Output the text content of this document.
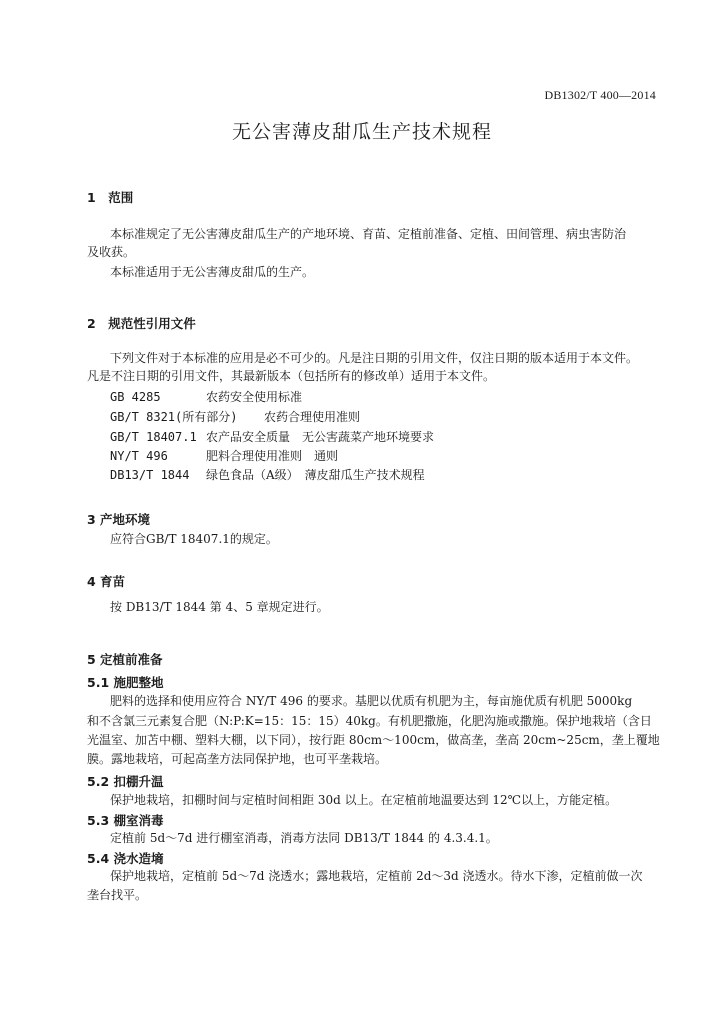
DB1302/T 400—2014
无公害薄皮甜瓜生产技术规程
1　范围
本标准规定了无公害薄皮甜瓜生产的产地环境、育苗、定植前准备、定植、田间管理、病虫害防治
及收获。
本标准适用于无公害薄皮甜瓜的生产。
2　规范性引用文件
下列文件对于本标准的应用是必不可少的。凡是注日期的引用文件，仅注日期的版本适用于本文件。
凡是不注日期的引用文件，其最新版本（包括所有的修改单）适用于本文件。
GB 4285	农药安全使用标准
GB/T 8321(所有部分) 农药合理使用准则
GB/T 18407.1 农产品安全质量　无公害蔬菜产地环境要求
NY/T 496	肥料合理使用准则　通则
DB13/T 1844 绿色食品（A级）　薄皮甜瓜生产技术规程
3 产地环境
应符合GB/T 18407.1的规定。
4 育苗
按 DB13/T 1844 第 4、5 章规定进行。
5 定植前准备
5.1 施肥整地
肥料的选择和使用应符合 NY/T 496 的要求。基肥以优质有机肥为主，每亩施优质有机肥 5000kg
和不含氯三元素复合肥（N:P:K=15：15：15）40kg。有机肥撒施，化肥沟施或撒施。保护地栽培（含日
光温室、加苫中棚、塑料大棚，以下同），按行距 80cm～100cm，做高垄，垄高 20cm~25cm，垄上覆地
膜。露地栽培，可起高垄方法同保护地，也可平垄栽培。
5.2 扣棚升温
保护地栽培，扣棚时间与定植时间相距 30d 以上。在定植前地温要达到 12℃以上，方能定植。
5.3 棚室消毒
定植前 5d～7d 进行棚室消毒，消毒方法同 DB13/T 1844 的 4.3.4.1。
5.4 浇水造墒
保护地栽培，定植前 5d～7d 浇透水；露地栽培，定植前 2d～3d 浇透水。待水下渗，定植前做一次
垄台找平。
